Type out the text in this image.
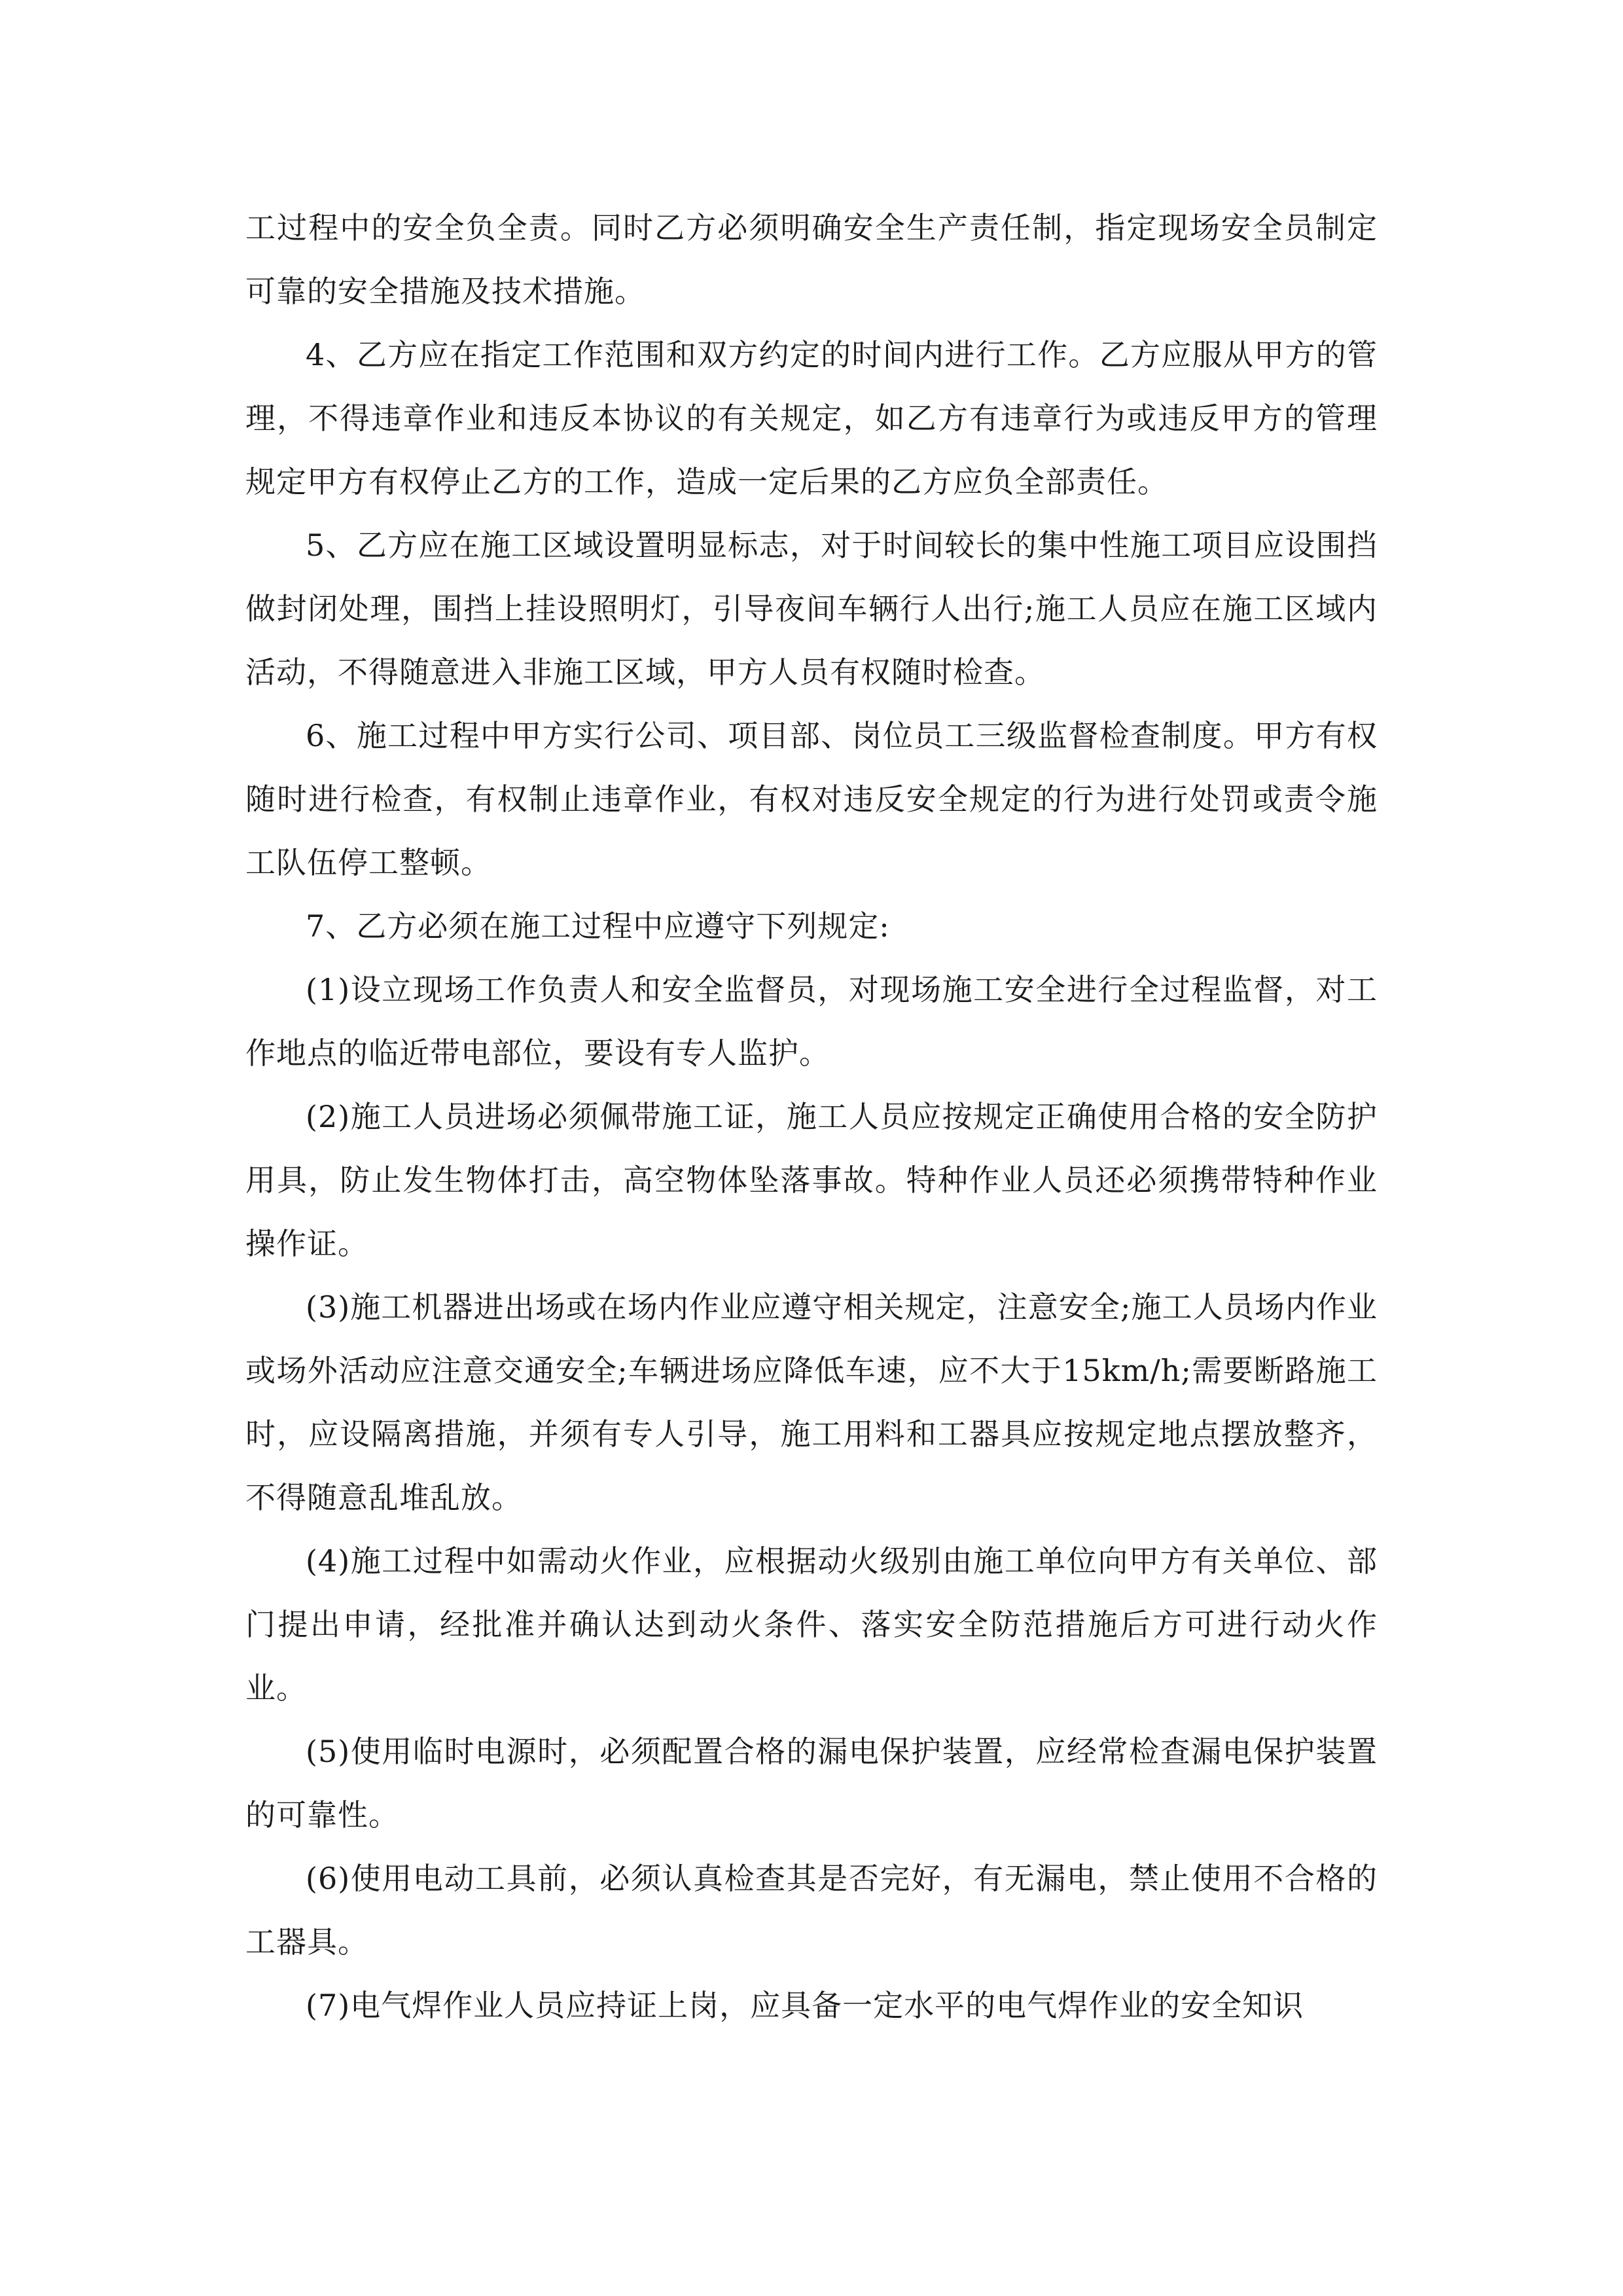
工过程中的安全负全责。同时乙方必须明确安全生产责任制，指定现场安全员制定可靠的安全措施及技术措施。

4、乙方应在指定工作范围和双方约定的时间内进行工作。乙方应服从甲方的管理，不得违章作业和违反本协议的有关规定，如乙方有违章行为或违反甲方的管理规定甲方有权停止乙方的工作，造成一定后果的乙方应负全部责任。

5、乙方应在施工区域设置明显标志，对于时间较长的集中性施工项目应设围挡做封闭处理，围挡上挂设照明灯，引导夜间车辆行人出行;施工人员应在施工区域内活动，不得随意进入非施工区域，甲方人员有权随时检查。

6、施工过程中甲方实行公司、项目部、岗位员工三级监督检查制度。甲方有权随时进行检查，有权制止违章作业，有权对违反安全规定的行为进行处罚或责令施工队伍停工整顿。

7、乙方必须在施工过程中应遵守下列规定:

(1)设立现场工作负责人和安全监督员，对现场施工安全进行全过程监督，对工作地点的临近带电部位，要设有专人监护。

(2)施工人员进场必须佩带施工证，施工人员应按规定正确使用合格的安全防护用具，防止发生物体打击，高空物体坠落事故。特种作业人员还必须携带特种作业操作证。

(3)施工机器进出场或在场内作业应遵守相关规定，注意安全;施工人员场内作业或场外活动应注意交通安全;车辆进场应降低车速，应不大于15km/h;需要断路施工时，应设隔离措施，并须有专人引导，施工用料和工器具应按规定地点摆放整齐，不得随意乱堆乱放。

(4)施工过程中如需动火作业，应根据动火级别由施工单位向甲方有关单位、部门提出申请，经批准并确认达到动火条件、落实安全防范措施后方可进行动火作业。

(5)使用临时电源时，必须配置合格的漏电保护装置，应经常检查漏电保护装置的可靠性。

(6)使用电动工具前，必须认真检查其是否完好，有无漏电，禁止使用不合格的工器具。

(7)电气焊作业人员应持证上岗，应具备一定水平的电气焊作业的安全知识
